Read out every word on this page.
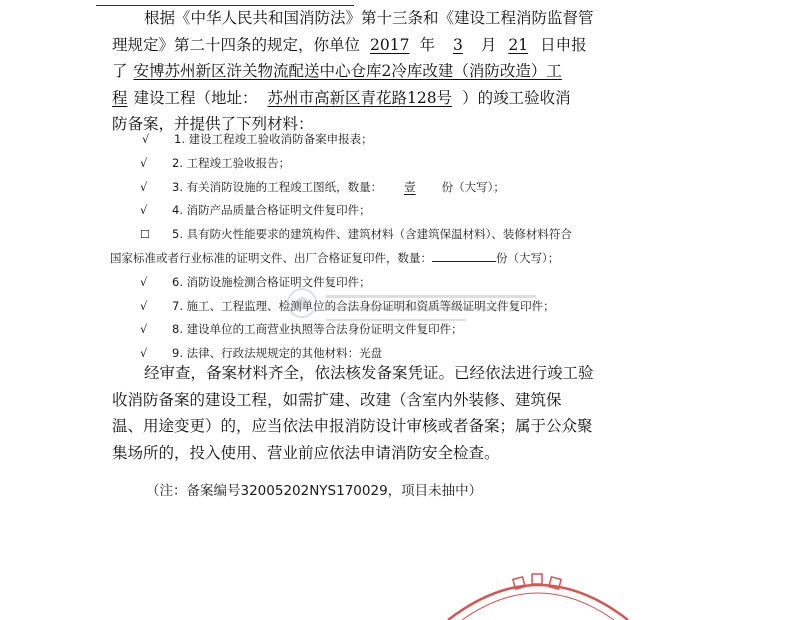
根据《中华人民共和国消防法》第十三条和《建设工程消防监督管
理规定》第二十四条的规定，你单位 2017 年 3 月 21 日申报
了 安博苏州新区浒关物流配送中心仓库2冷库改建（消防改造）工
程 建设工程（地址： 苏州市高新区青花路128号 ）的竣工验收消
防备案，并提供了下列材料：
√ 1. 建设工程竣工验收消防备案申报表；
√ 2. 工程竣工验收报告；
√ 3. 有关消防设施的工程竣工图纸，数量： 壹 份（大写）；
√ 4. 消防产品质量合格证明文件复印件；
☐ 5. 具有防火性能要求的建筑构件、建筑材料（含建筑保温材料）、装修材料符合
国家标准或者行业标准的证明文件、出厂合格证复印件，数量：	份（大写）；
√ 6. 消防设施检测合格证明文件复印件；
√ 7. 施工、工程监理、检测单位的合法身份证明和资质等级证明文件复印件；
√ 8. 建设单位的工商营业执照等合法身份证明文件复印件；
√ 9. 法律、行政法规规定的其他材料：光盘
经审查，备案材料齐全，依法核发备案凭证。已经依法进行竣工验
收消防备案的建设工程，如需扩建、改建（含室内外装修、建筑保
温、用途变更）的，应当依法申报消防设计审核或者备案；属于公众聚
集场所的，投入使用、营业前应依法申请消防安全检查。
（注：备案编号32005202NYS170029，项目未抽中）
